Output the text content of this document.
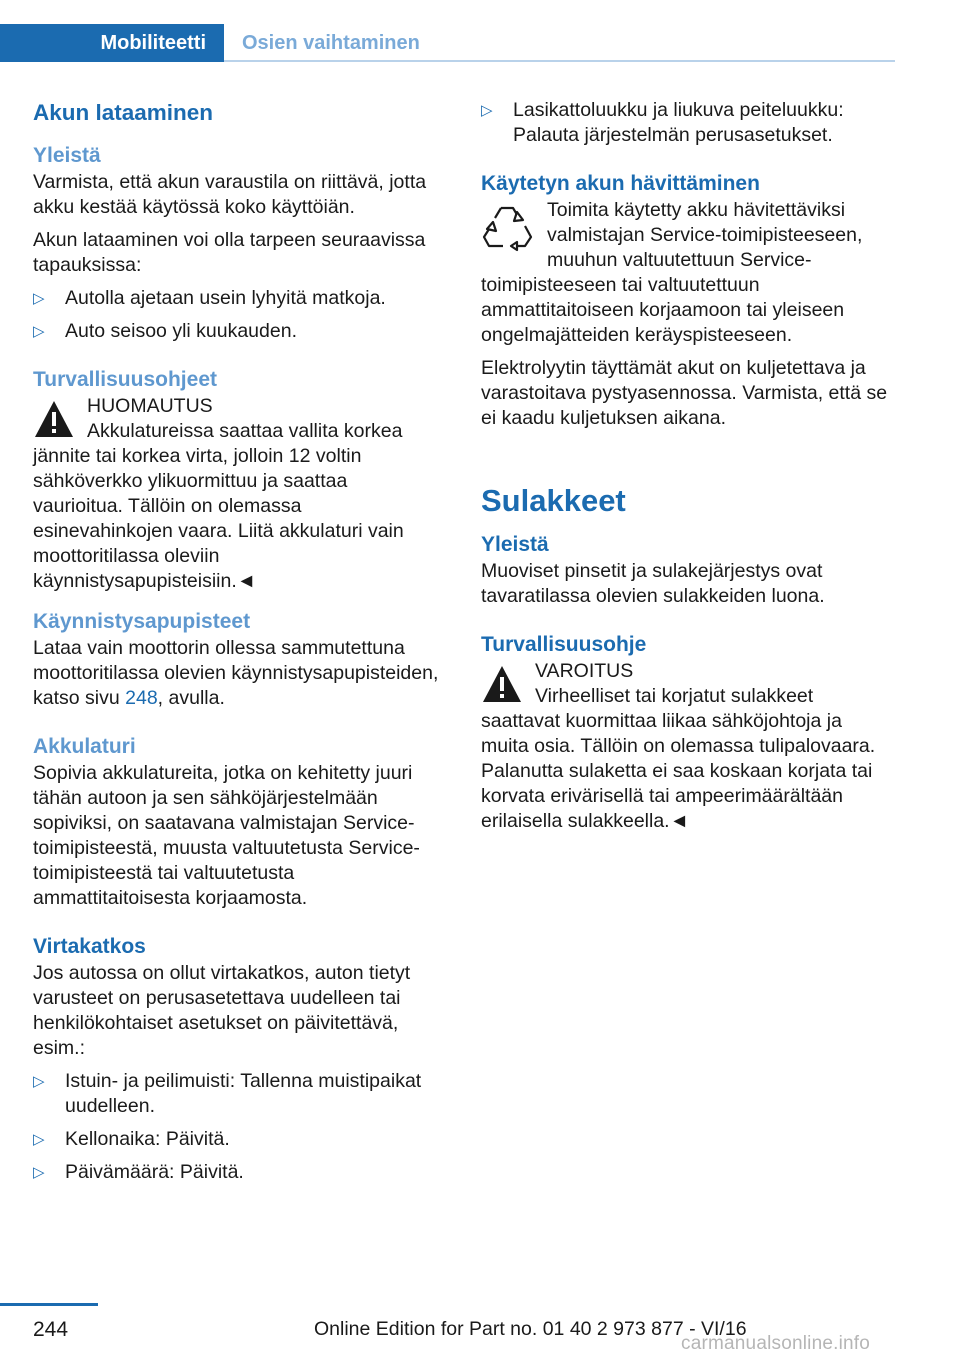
Mobiliteetti	Osien vaihtaminen
Akun lataaminen
Yleistä

Varmista, että akun varaustila on riittävä, jotta akku kestää käytössä koko käyttöiän.

Akun lataaminen voi olla tarpeen seuraavissa tapauksissa:

▷ Autolla ajetaan usein lyhyitä matkoja.
▷ Auto seisoo yli kuukauden.
Turvallisuusohjeet
HUOMAUTUS
Akkulatureissa saattaa vallita korkea jännite tai korkea virta, jolloin 12 voltin sähköverkko ylikuormittuu ja saattaa vaurioitua. Tällöin on olemassa esinevahinkojen vaara. Liitä akkulaturi vain moottoritilassa oleviin käynnistysapupisteisiin.◄
Käynnistysapupisteet

Lataa vain moottorin ollessa sammutettuna moottoritilassa olevien käynnistysapupisteiden, katso sivu 248, avulla.

Akkulaturi

Sopivia akkulatureita, jotka on kehitetty juuri tähän autoon ja sen sähköjärjestelmään sopiviksi, on saatavana valmistajan Service-toimipisteestä, muusta valtuutetusta Service-toimipisteestä tai valtuutetusta ammattitaitoisesta korjaamosta.

Virtakatkos

Jos autossa on ollut virtakatkos, auton tietyt varusteet on perusasetettava uudelleen tai henkilökohtaiset asetukset on päivitettävä, esim.:

▷ Istuin- ja peilimuisti: Tallenna muistipaikat uudelleen.
▷ Kellonaika: Päivitä.
▷ Päivämäärä: Päivitä.
▷ Lasikattoluukku ja liukuva peiteluukku: Palauta järjestelmän perusasetukset.
Käytetyn akun hävittäminen
Toimita käytetty akku hävitettäviksi valmistajan Service-toimipisteeseen, muuhun valtuutettuun Service-toimipisteeseen tai valtuutettuun ammattitaitoiseen korjaamoon tai yleiseen ongelmajätteiden keräyspisteeseen.

Elektrolyytin täyttämät akut on kuljetettava ja varastoitava pystyasennossa. Varmista, että se ei kaadu kuljetuksen aikana.

Sulakkeet
Yleistä

Muoviset pinsetit ja sulakejärjestys ovat tavaratilassa olevien sulakkeiden luona.

Turvallisuusohje
VAROITUS
Virheelliset tai korjatut sulakkeet saattavat kuormittaa liikaa sähköjohtoja ja muita osia. Tällöin on olemassa tulipalovaara. Palanutta sulaketta ei saa koskaan korjata tai korvata erivärisellä tai ampeerimäärältään erilaisella sulakkeella.◄
244	Online Edition for Part no. 01 40 2 973 877 - VI/16
carmanualsonline.info
